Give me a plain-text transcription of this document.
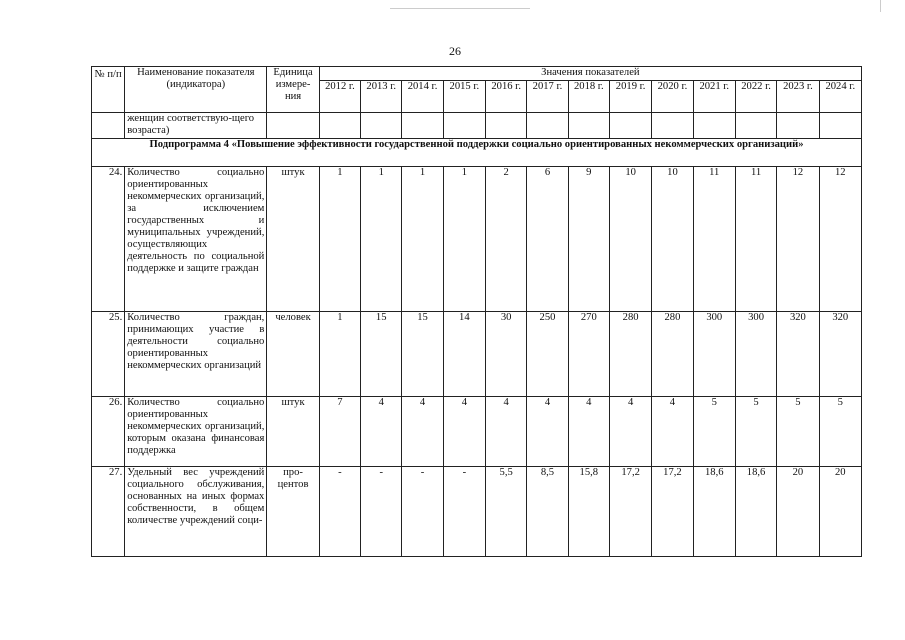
26
№ п/п	Наименование показателя (индикатора)	Единица измере-ния	Значения показателей												
			2012 г.	2013 г.	2014 г.	2015 г.	2016 г.	2017 г.	2018 г.	2019 г.	2020 г.	2021 г.	2022 г.	2023 г.	2024 г.
	женщин соответствую-щего возраста)														
Подпрограмма 4 «Повышение эффективности государственной поддержки социально ориентированных некоммерческих организаций»															
24.	Количество социально ориентированных некоммерческих организаций, за исключением государственных и муниципальных учреждений, осуществляющих деятельность по социальной поддержке и защите граждан	штук	1	1	1	1	2	6	9	10	10	11	11	12	12
25.	Количество граждан, принимающих участие в деятельности социально ориентированных некоммерческих организаций	человек	1	15	15	14	30	250	270	280	280	300	300	320	320
26.	Количество социально ориентированных некоммерческих организаций, которым оказана финансовая поддержка	штук	7	4	4	4	4	4	4	4	4	5	5	5	5
27.	Удельный вес учреждений социального обслуживания, основанных на иных формах собственности, в общем количестве учреждений соци-	про-центов	-	-	-	-	5,5	8,5	15,8	17,2	17,2	18,6	18,6	20	20
